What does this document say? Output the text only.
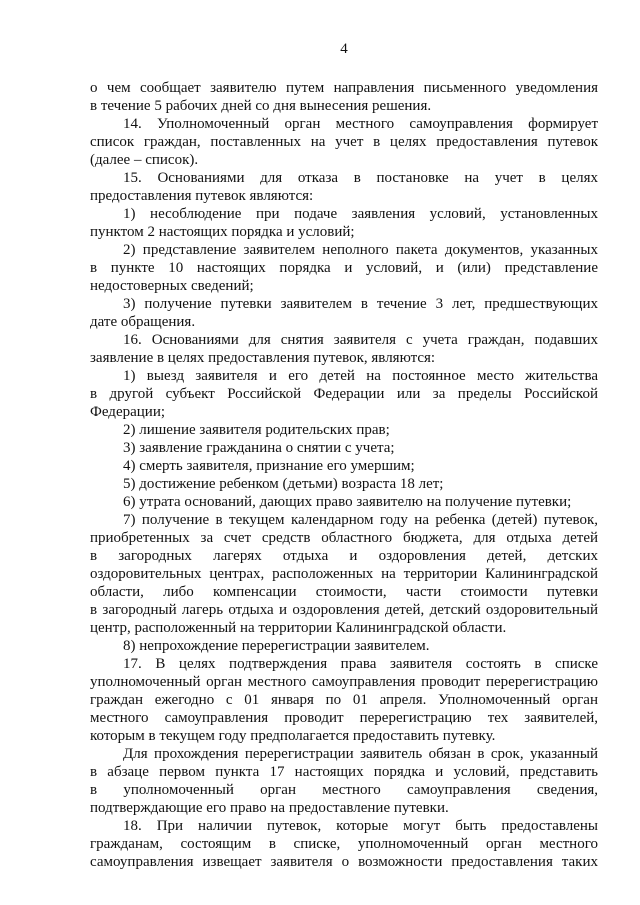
4
о чем сообщает заявителю путем направления письменного уведомления
в течение 5 рабочих дней со дня вынесения решения.
14. Уполномоченный орган местного самоуправления формирует
список граждан, поставленных на учет в целях предоставления путевок
(далее – список).
15. Основаниями для отказа в постановке на учет в целях
предоставления путевок являются:
1) несоблюдение при подаче заявления условий, установленных
пунктом 2 настоящих порядка и условий;
2) представление заявителем неполного пакета документов, указанных
в пункте 10 настоящих порядка и условий, и (или) представление
недостоверных сведений;
3) получение путевки заявителем в течение 3 лет, предшествующих
дате обращения.
16. Основаниями для снятия заявителя с учета граждан, подавших
заявление в целях предоставления путевок, являются:
1) выезд заявителя и его детей на постоянное место жительства
в другой субъект Российской Федерации или за пределы Российской
Федерации;
2) лишение заявителя родительских прав;
3) заявление гражданина о снятии с учета;
4) смерть заявителя, признание его умершим;
5) достижение ребенком (детьми) возраста 18 лет;
6) утрата оснований, дающих право заявителю на получение путевки;
7) получение в текущем календарном году на ребенка (детей) путевок,
приобретенных за счет средств областного бюджета, для отдыха детей
в загородных лагерях отдыха и оздоровления детей, детских
оздоровительных центрах, расположенных на территории Калининградской
области, либо компенсации стоимости, части стоимости путевки
в загородный лагерь отдыха и оздоровления детей, детский оздоровительный
центр, расположенный на территории Калининградской области.
8) непрохождение перерегистрации заявителем.
17. В целях подтверждения права заявителя состоять в списке
уполномоченный орган местного самоуправления проводит перерегистрацию
граждан ежегодно с 01 января по 01 апреля. Уполномоченный орган
местного самоуправления проводит перерегистрацию тех заявителей,
которым в текущем году предполагается предоставить путевку.
Для прохождения перерегистрации заявитель обязан в срок, указанный
в абзаце первом пункта 17 настоящих порядка и условий, представить
в уполномоченный орган местного самоуправления сведения,
подтверждающие его право на предоставление путевки.
18. При наличии путевок, которые могут быть предоставлены
гражданам, состоящим в списке, уполномоченный орган местного
самоуправления извещает заявителя о возможности предоставления таких
